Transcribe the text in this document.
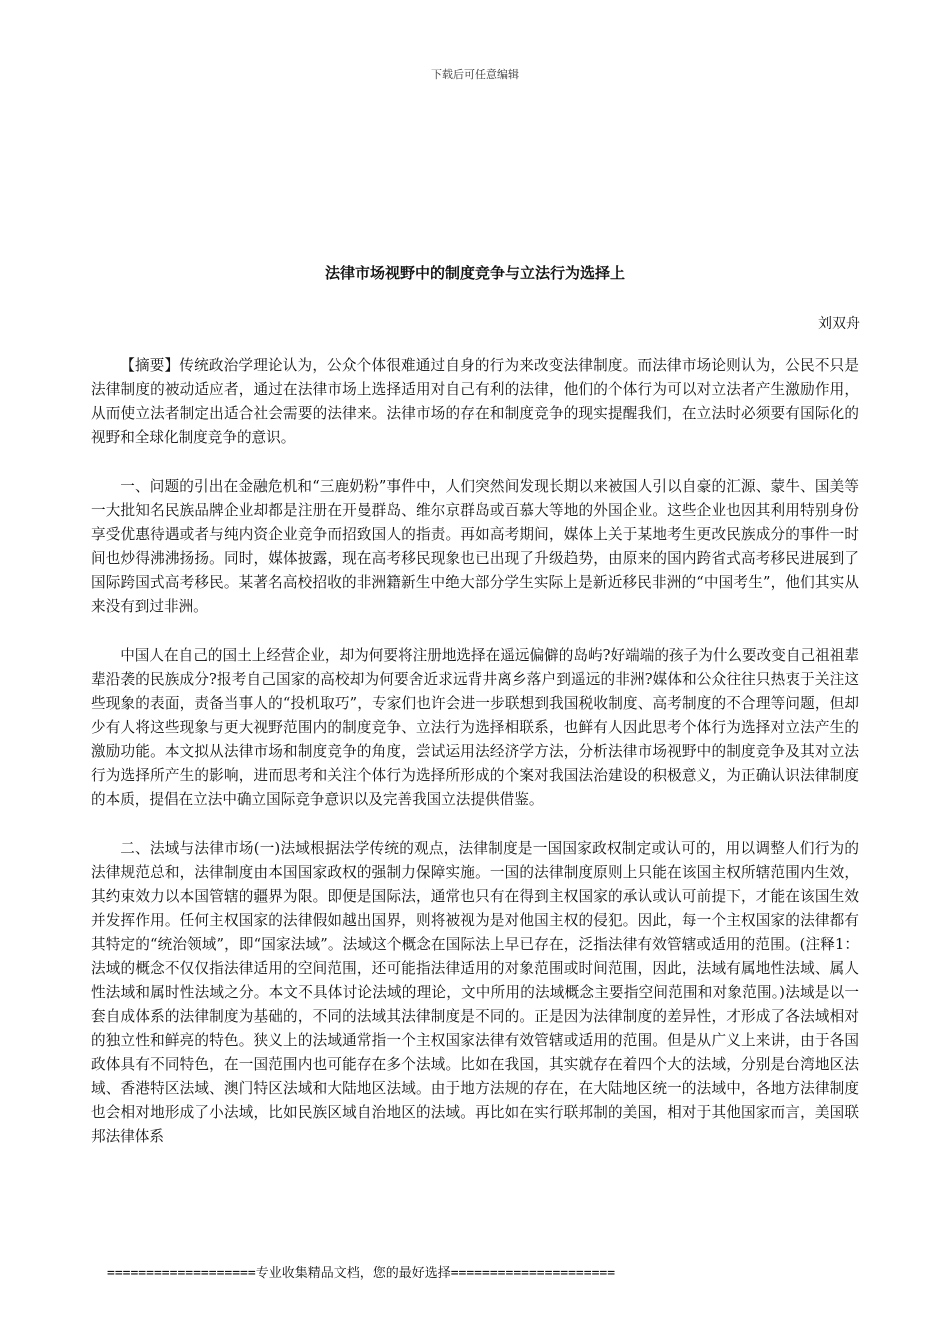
下载后可任意编辑
法律市场视野中的制度竞争与立法行为选择上
刘双舟

【摘要】传统政治学理论认为，公众个体很难通过自身的行为来改变法律制度。而法律市场论则认为，公民不只是法律制度的被动适应者，通过在法律市场上选择适用对自己有利的法律，他们的个体行为可以对立法者产生激励作用，从而使立法者制定出适合社会需要的法律来。法律市场的存在和制度竞争的现实提醒我们，在立法时必须要有国际化的视野和全球化制度竞争的意识。

一、问题的引出在金融危机和“三鹿奶粉”事件中，人们突然间发现长期以来被国人引以自豪的汇源、蒙牛、国美等一大批知名民族品牌企业却都是注册在开曼群岛、维尔京群岛或百慕大等地的外国企业。这些企业也因其利用特别身份享受优惠待遇或者与纯内资企业竞争而招致国人的指责。再如高考期间，媒体上关于某地考生更改民族成分的事件一时间也炒得沸沸扬扬。同时，媒体披露，现在高考移民现象也已出现了升级趋势，由原来的国内跨省式高考移民进展到了国际跨国式高考移民。某著名高校招收的非洲籍新生中绝大部分学生实际上是新近移民非洲的“中国考生”，他们其实从来没有到过非洲。

中国人在自己的国土上经营企业，却为何要将注册地选择在遥远偏僻的岛屿?好端端的孩子为什么要改变自己祖祖辈辈沿袭的民族成分?报考自己国家的高校却为何要舍近求远背井离乡落户到遥远的非洲?媒体和公众往往只热衷于关注这些现象的表面，责备当事人的“投机取巧”，专家们也许会进一步联想到我国税收制度、高考制度的不合理等问题，但却少有人将这些现象与更大视野范围内的制度竞争、立法行为选择相联系，也鲜有人因此思考个体行为选择对立法产生的激励功能。本文拟从法律市场和制度竞争的角度，尝试运用法经济学方法，分析法律市场视野中的制度竞争及其对立法行为选择所产生的影响，进而思考和关注个体行为选择所形成的个案对我国法治建设的积极意义，为正确认识法律制度的本质，提倡在立法中确立国际竞争意识以及完善我国立法提供借鉴。

二、法域与法律市场(一)法域根据法学传统的观点，法律制度是一国国家政权制定或认可的，用以调整人们行为的法律规范总和，法律制度由本国国家政权的强制力保障实施。一国的法律制度原则上只能在该国主权所辖范围内生效，其约束效力以本国管辖的疆界为限。即便是国际法，通常也只有在得到主权国家的承认或认可前提下，才能在该国生效并发挥作用。任何主权国家的法律假如越出国界，则将被视为是对他国主权的侵犯。因此，每一个主权国家的法律都有其特定的“统治领域”，即“国家法域”。法域这个概念在国际法上早已存在，泛指法律有效管辖或适用的范围。(注释1：法域的概念不仅仅指法律适用的空间范围，还可能指法律适用的对象范围或时间范围，因此，法域有属地性法域、属人性法域和属时性法域之分。本文不具体讨论法域的理论，文中所用的法域概念主要指空间范围和对象范围。)法域是以一套自成体系的法律制度为基础的，不同的法域其法律制度是不同的。正是因为法律制度的差异性，才形成了各法域相对的独立性和鲜亮的特色。狭义上的法域通常指一个主权国家法律有效管辖或适用的范围。但是从广义上来讲，由于各国政体具有不同特色，在一国范围内也可能存在多个法域。比如在我国，其实就存在着四个大的法域，分别是台湾地区法域、香港特区法域、澳门特区法域和大陆地区法域。由于地方法规的存在，在大陆地区统一的法域中，各地方法律制度也会相对地形成了小法域，比如民族区域自治地区的法域。再比如在实行联邦制的美国，相对于其他国家而言，美国联邦法律体系

===================专业收集精品文档，您的最好选择=====================
